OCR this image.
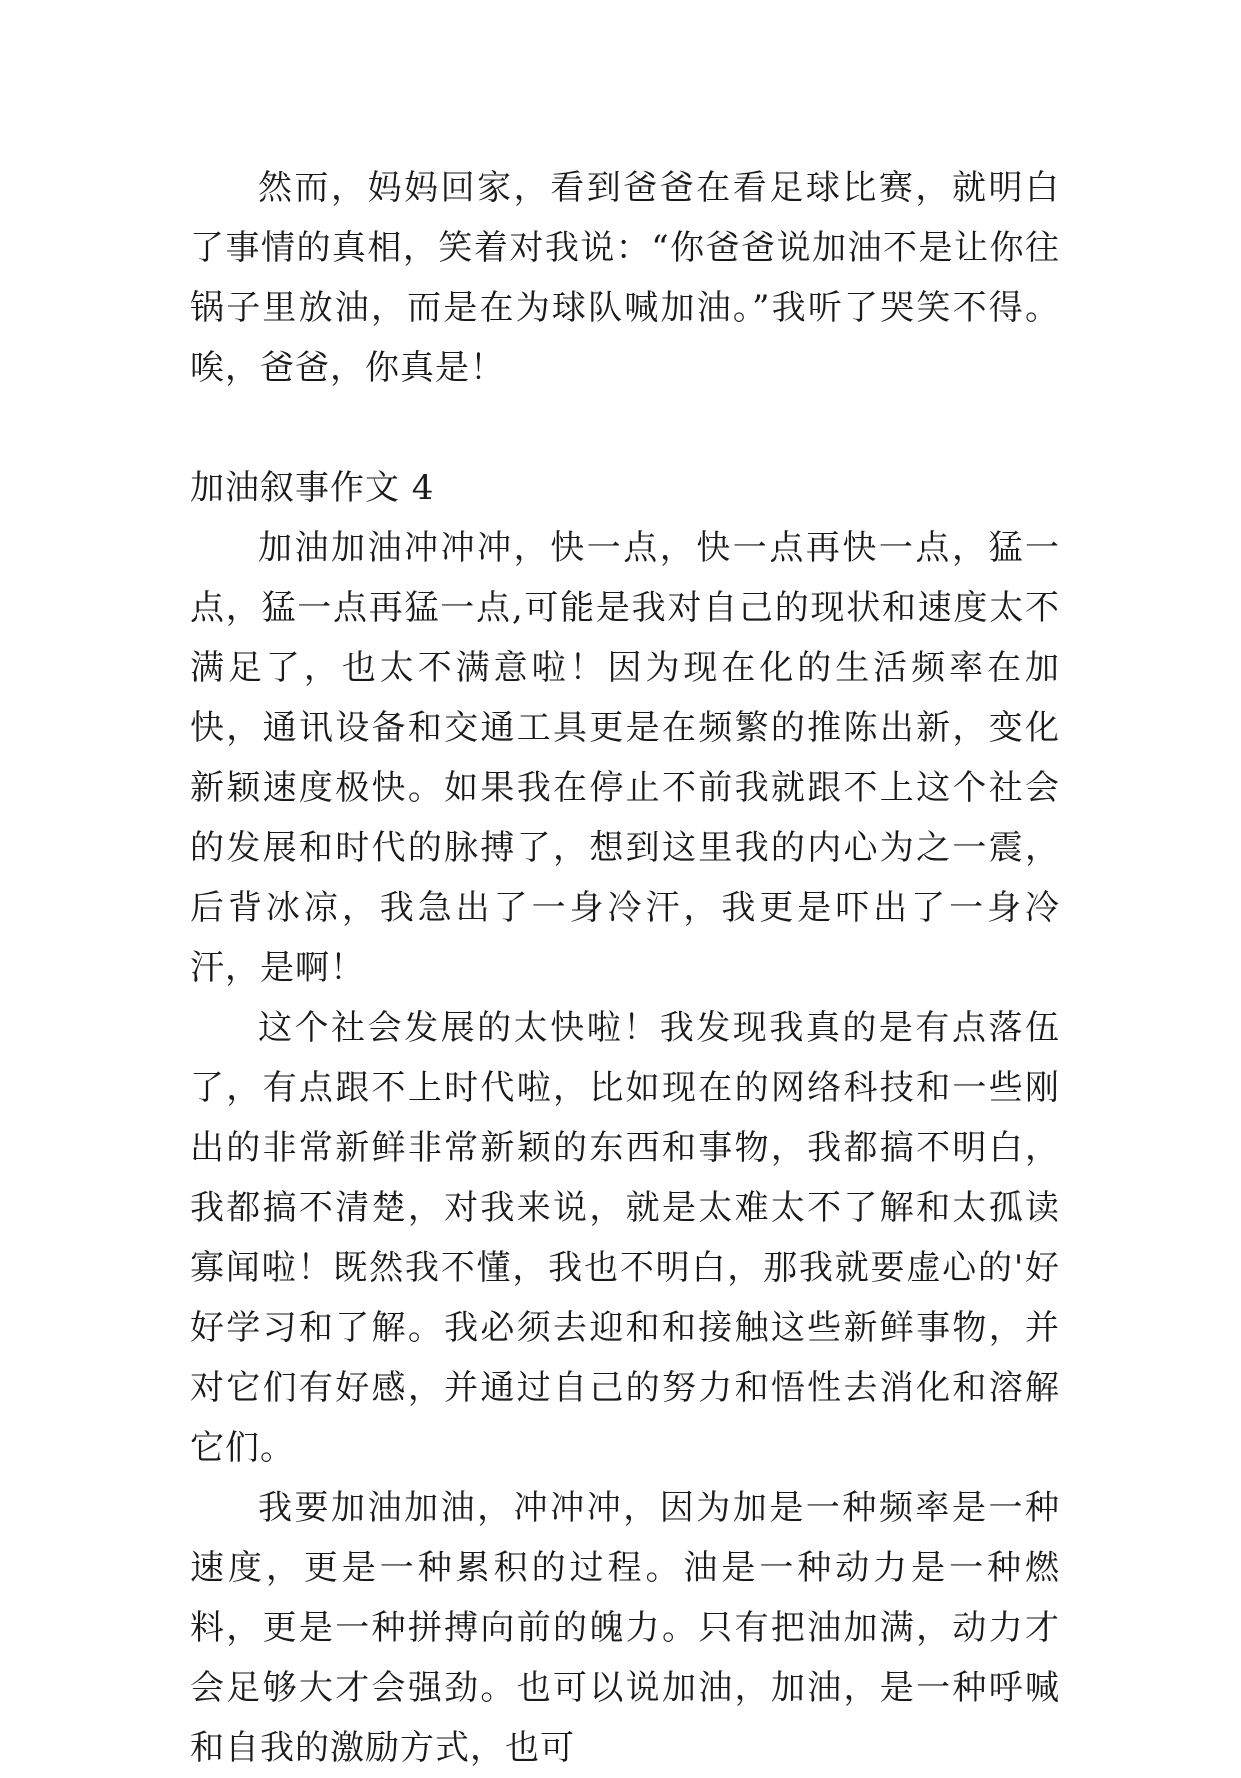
然而，妈妈回家，看到爸爸在看足球比赛，就明白了事情的真相，笑着对我说：“你爸爸说加油不是让你往锅子里放油，而是在为球队喊加油。”我听了哭笑不得。唉，爸爸，你真是！

加油叙事作文 4

加油加油冲冲冲，快一点，快一点再快一点，猛一点，猛一点再猛一点,可能是我对自己的现状和速度太不满足了，也太不满意啦！因为现在化的生活频率在加快，通讯设备和交通工具更是在频繁的推陈出新，变化新颖速度极快。如果我在停止不前我就跟不上这个社会的发展和时代的脉搏了，想到这里我的内心为之一震，后背冰凉，我急出了一身冷汗，我更是吓出了一身冷汗，是啊！

这个社会发展的太快啦！我发现我真的是有点落伍了，有点跟不上时代啦，比如现在的网络科技和一些刚出的非常新鲜非常新颖的东西和事物，我都搞不明白，我都搞不清楚，对我来说，就是太难太不了解和太孤读寡闻啦！既然我不懂，我也不明白，那我就要虚心的'好好学习和了解。我必须去迎和和接触这些新鲜事物，并对它们有好感，并通过自己的努力和悟性去消化和溶解它们。

我要加油加油，冲冲冲，因为加是一种频率是一种速度，更是一种累积的过程。油是一种动力是一种燃料，更是一种拼搏向前的魄力。只有把油加满，动力才会足够大才会强劲。也可以说加油，加油，是一种呼喊和自我的激励方式，也可
